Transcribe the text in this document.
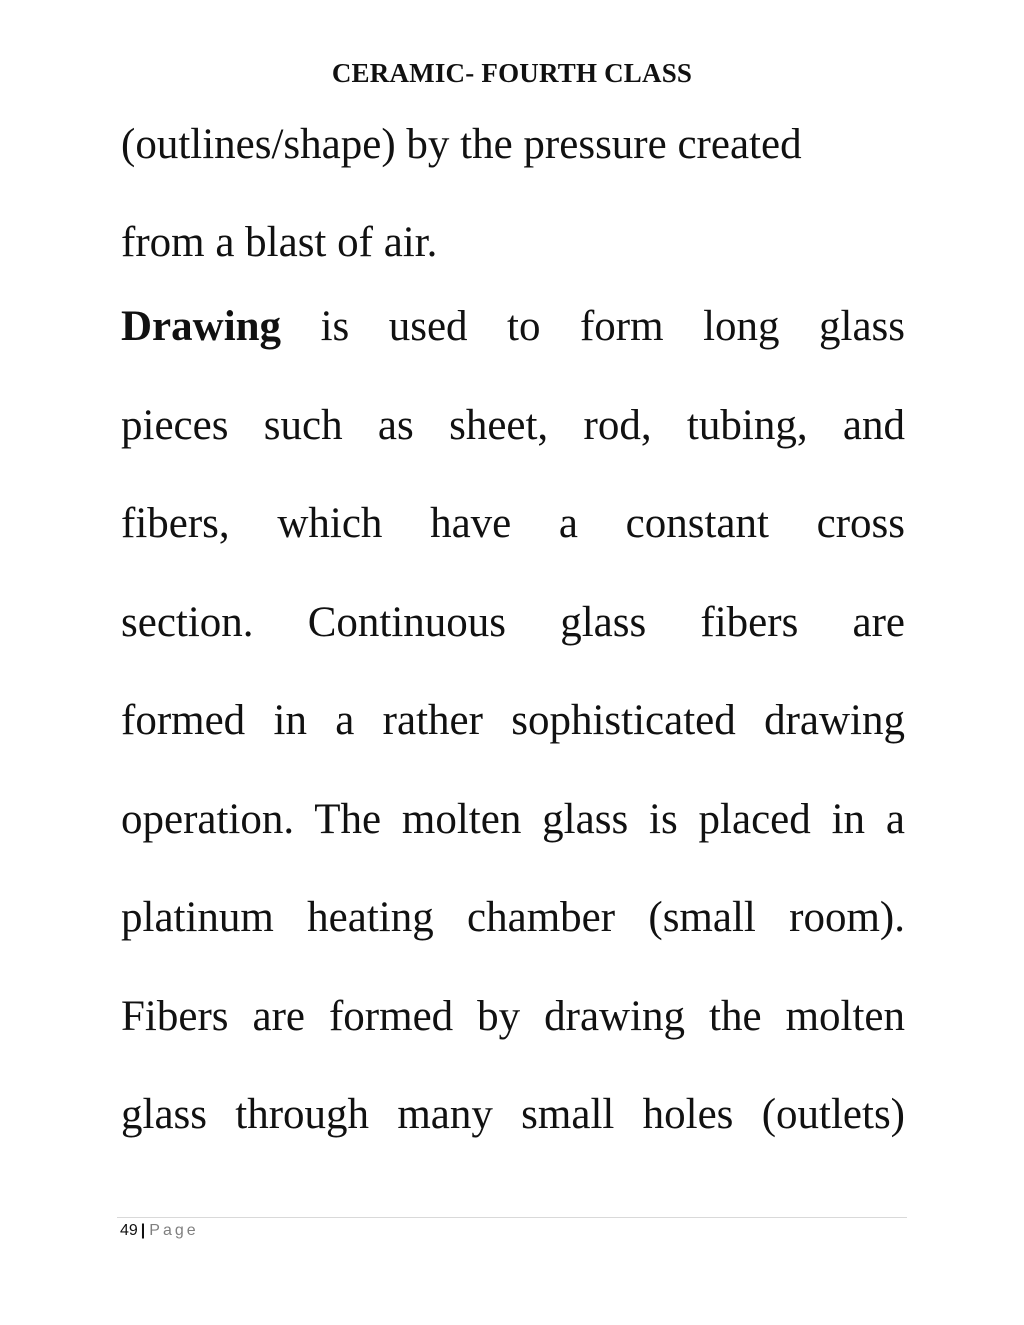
CERAMIC- FOURTH CLASS
(outlines/shape) by the pressure created
from a blast of air.
Drawing is used to form long glass
pieces such as sheet, rod, tubing, and
fibers, which have a constant cross
section. Continuous glass fibers are
formed in a rather sophisticated drawing
operation. The molten glass is placed in a
platinum heating chamber (small room).
Fibers are formed by drawing the molten
glass through many small holes (outlets)
49 | Page
